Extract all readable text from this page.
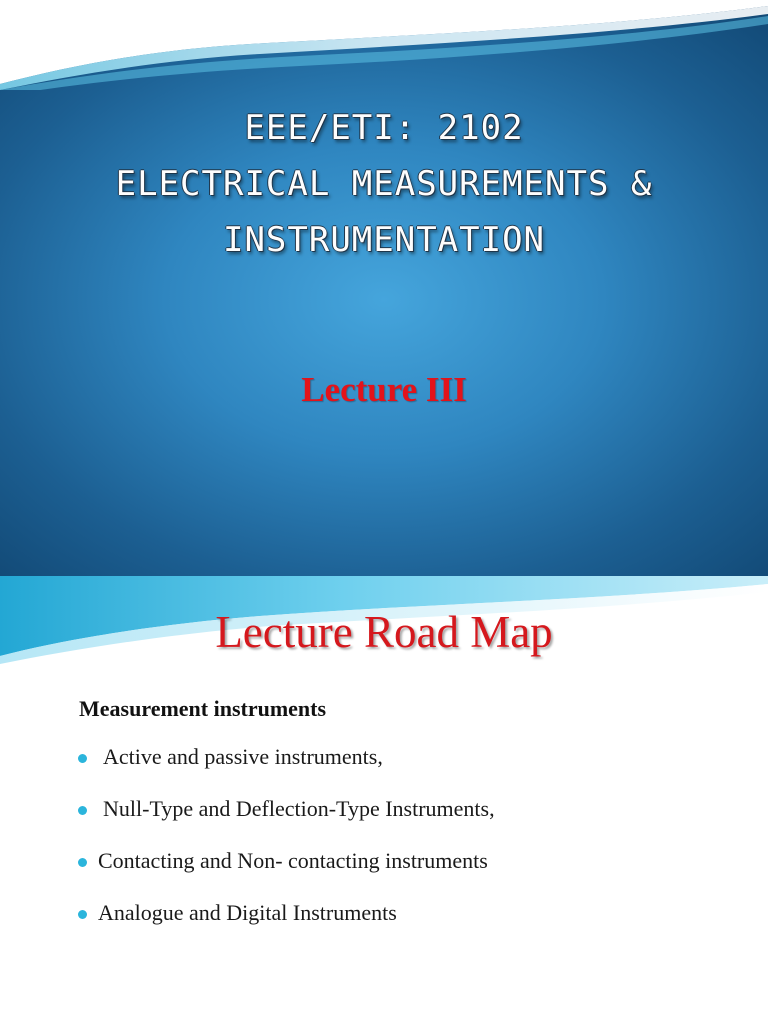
EEE/ETI: 2102
ELECTRICAL MEASUREMENTS &
INSTRUMENTATION
Lecture III
Lecture Road Map
Measurement instruments
Active and passive instruments,
Null-Type and Deflection-Type Instruments,
Contacting and Non- contacting instruments
Analogue and Digital Instruments
